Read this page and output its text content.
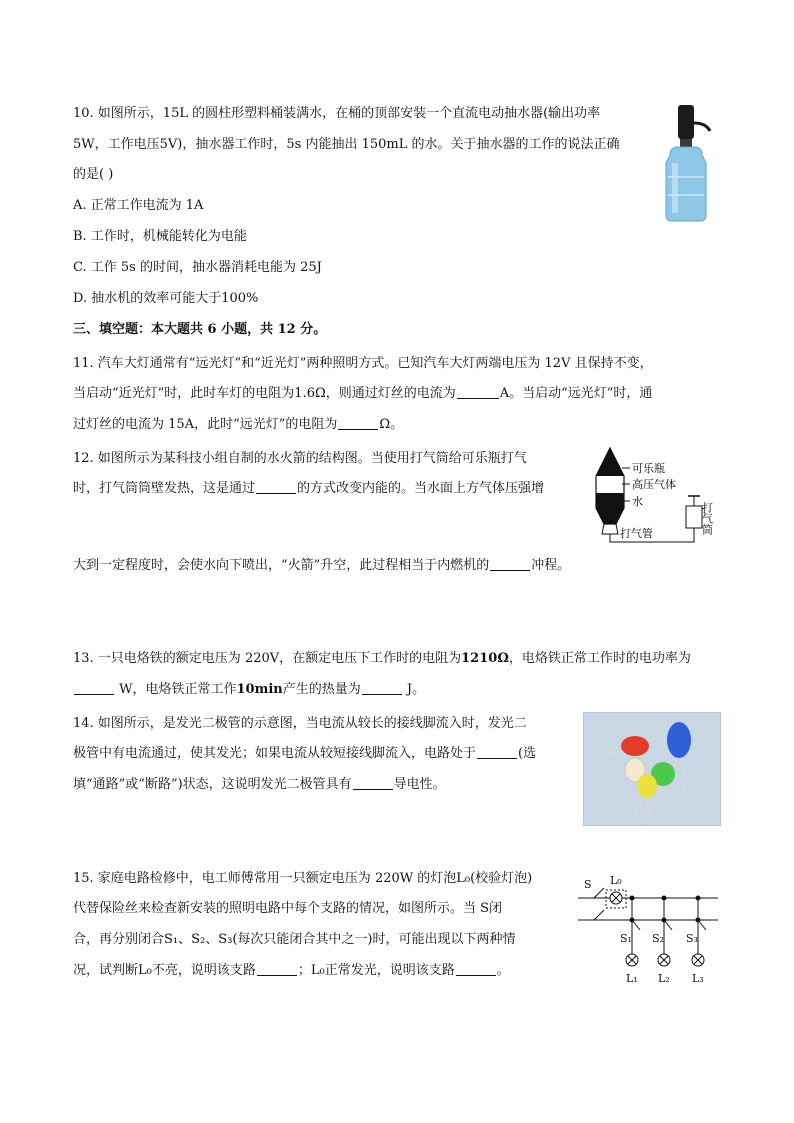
10. 如图所示，15L 的圆柱形塑料桶装满水，在桶的顶部安装一个直流电动抽水器(输出功率
5W，工作电压5V)，抽水器工作时，5s 内能抽出 150mL 的水。关于抽水器的工作的说法正确
的是( )
A. 正常工作电流为 1A
B. 工作时，机械能转化为电能
C. 工作 5s 的时间，抽水器消耗电能为 25J
D. 抽水机的效率可能大于100%
三、填空题：本大题共 6 小题，共 12 分。
11. 汽车大灯通常有“远光灯”和“近光灯”两种照明方式。已知汽车大灯两端电压为 12V 且保持不变，
当启动“近光灯”时，此时车灯的电阻为1.6Ω，则通过灯丝的电流为	A。当启动“远光灯”时，通
过灯丝的电流为 15A，此时“远光灯”的电阻为	Ω。
12. 如图所示为某科技小组自制的水火箭的结构图。当使用打气筒给可乐瓶打气
时，打气筒筒壁发热，这是通过	的方式改变内能的。当水面上方气体压强增
大到一定程度时，会使水向下喷出，“火箭”升空，此过程相当于内燃机的	冲程。
可乐瓶
高压气体
水
打气管	打气筒
13. 一只电烙铁的额定电压为 220V，在额定电压下工作时的电阻为1210Ω，电烙铁正常工作时的电功率为
W，电烙铁正常工作10min产生的热量为	J。
14. 如图所示，是发光二极管的示意图，当电流从较长的接线脚流入时，发光二
极管中有电流通过，使其发光；如果电流从较短接线脚流入，电路处于	(选
填“通路”或“断路”)状态，这说明发光二极管具有	导电性。
15. 家庭电路检修中，电工师傅常用一只额定电压为 220W 的灯泡L₀(校验灯泡)
代替保险丝来检查新安装的照明电路中每个支路的情况，如图所示。当 S闭
合，再分别闭合S₁、S₂、S₃(每次只能闭合其中之一)时，可能出现以下两种情
况，试判断L₀不亮，说明该支路	；L₀正常发光，说明该支路	。
S L₀
S₁ S₂ S₃
L₁ L₂ L₃
